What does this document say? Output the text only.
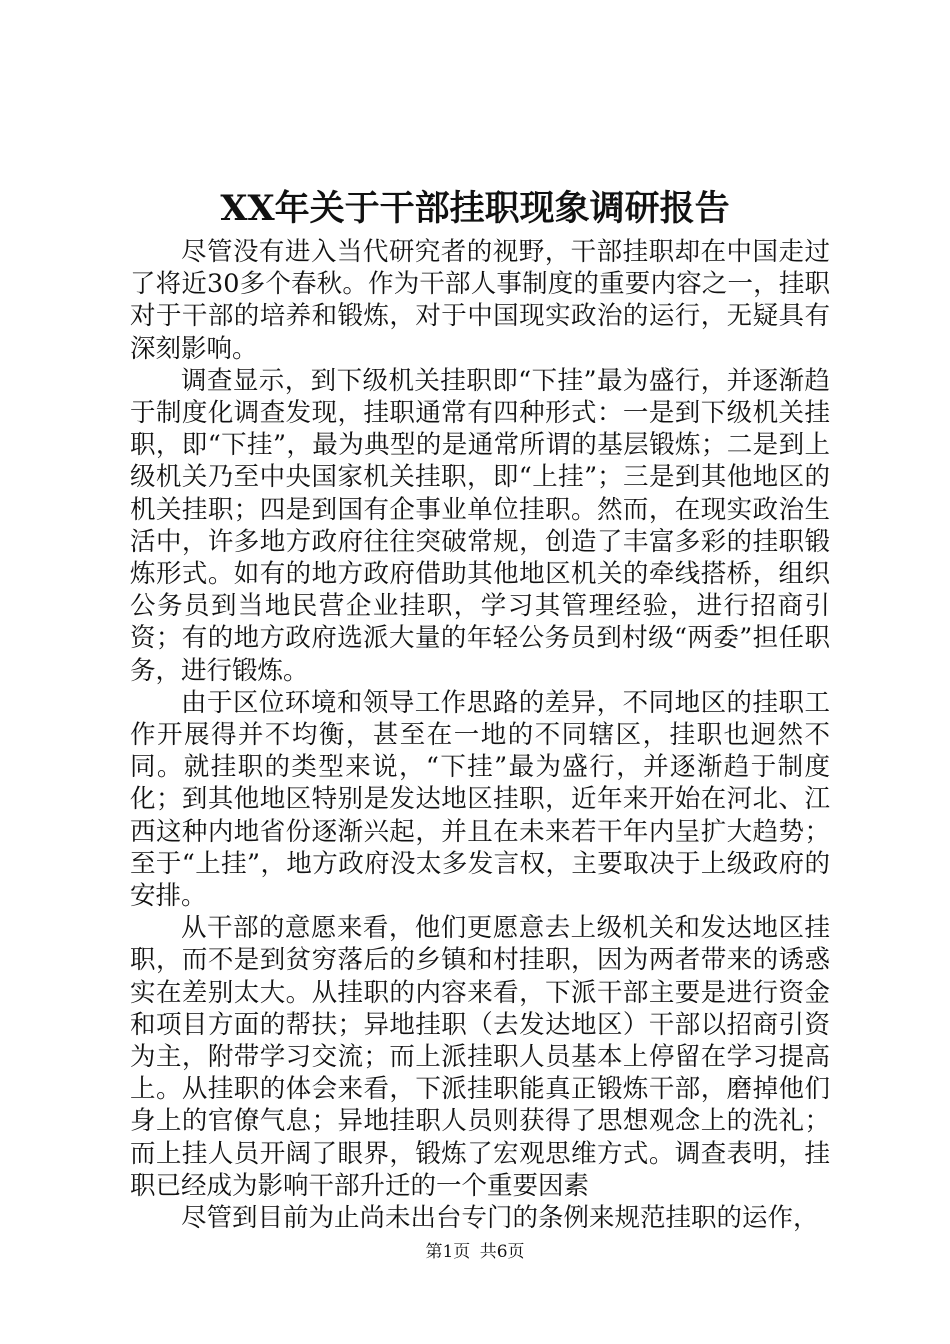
XX年关于干部挂职现象调研报告

尽管没有进入当代研究者的视野，干部挂职却在中国走过了将近30多个春秋。作为干部人事制度的重要内容之一，挂职对于干部的培养和锻炼，对于中国现实政治的运行，无疑具有深刻影响。

调查显示，到下级机关挂职即“下挂”最为盛行，并逐渐趋于制度化调查发现，挂职通常有四种形式：一是到下级机关挂职，即“下挂”，最为典型的是通常所谓的基层锻炼；二是到上级机关乃至中央国家机关挂职，即“上挂”；三是到其他地区的机关挂职；四是到国有企事业单位挂职。然而，在现实政治生活中，许多地方政府往往突破常规，创造了丰富多彩的挂职锻炼形式。如有的地方政府借助其他地区机关的牵线搭桥，组织公务员到当地民营企业挂职，学习其管理经验，进行招商引资；有的地方政府选派大量的年轻公务员到村级“两委”担任职务，进行锻炼。

由于区位环境和领导工作思路的差异，不同地区的挂职工作开展得并不均衡，甚至在一地的不同辖区，挂职也迥然不同。就挂职的类型来说，“下挂”最为盛行，并逐渐趋于制度化；到其他地区特别是发达地区挂职，近年来开始在河北、江西这种内地省份逐渐兴起，并且在未来若干年内呈扩大趋势；至于“上挂”，地方政府没太多发言权，主要取决于上级政府的安排。

从干部的意愿来看，他们更愿意去上级机关和发达地区挂职，而不是到贫穷落后的乡镇和村挂职，因为两者带来的诱惑实在差别太大。从挂职的内容来看，下派干部主要是进行资金和项目方面的帮扶；异地挂职（去发达地区）干部以招商引资为主，附带学习交流；而上派挂职人员基本上停留在学习提高上。从挂职的体会来看，下派挂职能真正锻炼干部，磨掉他们身上的官僚气息；异地挂职人员则获得了思想观念上的洗礼；而上挂人员开阔了眼界，锻炼了宏观思维方式。调查表明，挂职已经成为影响干部升迁的一个重要因素

尽管到目前为止尚未出台专门的条例来规范挂职的运作，

第1页 共6页
